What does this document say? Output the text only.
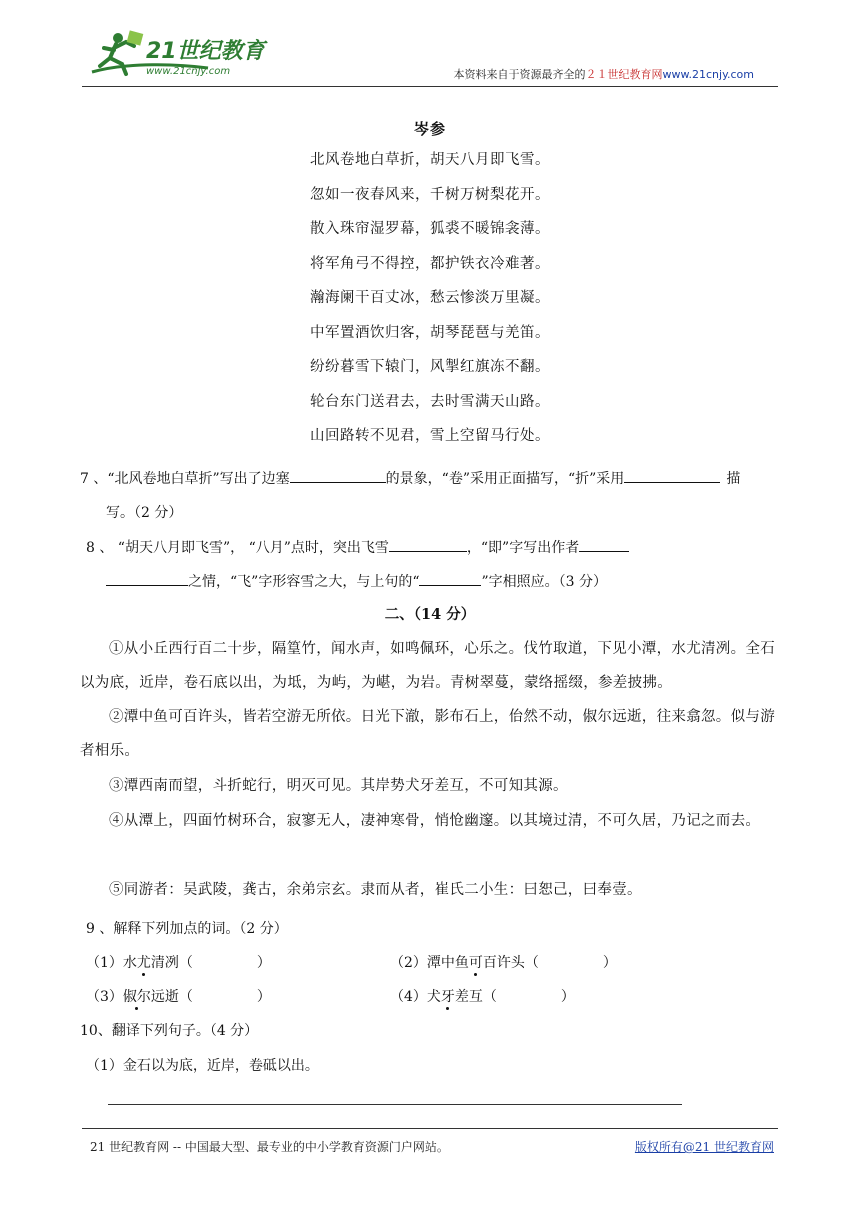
21世纪教育
www.21cnjy.com	本资料来自于资源最齐全的２１世纪教育网www.21cnjy.com
岑参
北风卷地白草折，胡天八月即飞雪。
忽如一夜春风来，千树万树梨花开。
散入珠帘湿罗幕，狐裘不暖锦衾薄。
将军角弓不得控，都护铁衣冷难著。
瀚海阑干百丈冰，愁云惨淡万里凝。
中军置酒饮归客，胡琴琵琶与羌笛。
纷纷暮雪下辕门，风掣红旗冻不翻。
轮台东门送君去，去时雪满天山路。
山回路转不见君，雪上空留马行处。
7 、“北风卷地白草折”写出了边塞	的景象，“卷”采用正面描写，“折”采用	描
写。（2 分）
8 、 “胡天八月即飞雪”， “八月”点时，突出飞雪	，“即”字写出作者
之情，“飞”字形容雪之大，与上句的“	”字相照应。（3 分）
二、（14 分）

①从小丘西行百二十步，隔篁竹，闻水声，如鸣佩环，心乐之。伐竹取道，下见小潭，水尤清冽。全石以为底，近岸，卷石底以出，为坻，为屿，为嵁，为岩。青树翠蔓，蒙络摇缀，参差披拂。

②潭中鱼可百许头，皆若空游无所依。日光下澈，影布石上，佁然不动，俶尔远逝，往来翕忽。似与游者相乐。

③潭西南而望，斗折蛇行，明灭可见。其岸势犬牙差互，不可知其源。

④从潭上，四面竹树环合，寂寥无人，凄神寒骨，悄怆幽邃。以其境过清，不可久居，乃记之而去。

⑤同游者：吴武陵，龚古，余弟宗玄。隶而从者，崔氏二小生：曰恕己，曰奉壹。

9 、解释下列加点的词。（2 分）
（1）水尤清冽（	）	（2）潭中鱼可百许头（	）
（3）俶尔远逝（	）	（4）犬牙差互（	）
10、翻译下列句子。（4 分）
（1）金石以为底，近岸，卷砥以出。
21 世纪教育网 -- 中国最大型、最专业的中小学教育资源门户网站。	版权所有@21 世纪教育网
